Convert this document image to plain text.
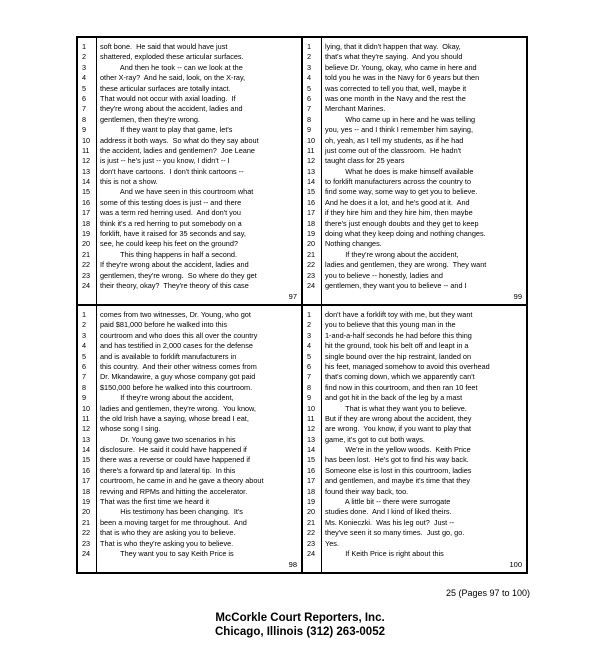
1	soft bone.  He said that would have just
2	shattered, exploded these articular surfaces.
3	And then he took -- can we look at the
4	other X-ray?  And he said, look, on the X-ray,
5	these articular surfaces are totally intact.
6	That would not occur with axial loading.  If
7	they're wrong about the accident, ladies and
8	gentlemen, then they're wrong.
9	If they want to play that game, let's
10	address it both ways.  So what do they say about
11	the accident, ladies and gentlemen?  Joe Leane
12	is just -- he's just -- you know, I didn't -- I
13	don't have cartoons.  I don't think cartoons --
14	this is not a show.
15	And we have seen in this courtroom what
16	some of this testing does is just -- and there
17	was a term red herring used.  And don't you
18	think it's a red herring to put somebody on a
19	forklift, have it raised for 35 seconds and say,
20	see, he could keep his feet on the ground?
21	This thing happens in half a second.
22	If they're wrong about the accident, ladies and
23	gentlemen, they're wrong.  So where do they get
24	their theory, okay?  They're theory of this case
97
1	lying, that it didn't happen that way.  Okay,
2	that's what they're saying.  And you should
3	believe Dr. Young, okay, who came in here and
4	told you he was in the Navy for 6 years but then
5	was corrected to tell you that, well, maybe it
6	was one month in the Navy and the rest the
7	Merchant Marines.
8	Who came up in here and he was telling
9	you, yes -- and I think I remember him saying,
10	oh, yeah, as I tell my students, as if he had
11	just come out of the classroom.  He hadn't
12	taught class for 25 years
13	What he does is make himself available
14	to forklift manufacturers across the country to
15	find some way, some way to get you to believe.
16	And he does it a lot, and he's good at it.  And
17	if they hire him and they hire him, then maybe
18	there's just enough doubts and they get to keep
19	doing what they keep doing and nothing changes.
20	Nothing changes.
21	If they're wrong about the accident,
22	ladies and gentlemen, they are wrong.  They want
23	you to believe -- honestly, ladies and
24	gentlemen, they want you to believe -- and I
99
1	comes from two witnesses, Dr. Young, who got
2	paid $81,000 before he walked into this
3	courtroom and who does this all over the country
4	and has testified in 2,000 cases for the defense
5	and is available to forklift manufacturers in
6	this country.  And their other witness comes from
7	Dr. Mkandawire, a guy whose company got paid
8	$150,000 before he walked into this courtroom.
9	If they're wrong about the accident,
10	ladies and gentlemen, they're wrong.  You know,
11	the old Irish have a saying, whose bread I eat,
12	whose song I sing.
13	Dr. Young gave two scenarios in his
14	disclosure.  He said it could have happened if
15	there was a reverse or could have happened if
16	there's a forward tip and lateral tip.  In this
17	courtroom, he came in and he gave a theory about
18	revving and RPMs and hitting the accelerator.
19	That was the first time we heard it
20	His testimony has been changing.  It's
21	been a moving target for me throughout.  And
22	that is who they are asking you to believe.
23	That is who they're asking you to believe.
24	They want you to say Keith Price is
98
1	don't have a forklift toy with me, but they want
2	you to believe that this young man in the
3	1-and-a-half seconds he had before this thing
4	hit the ground, took his belt off and leapt in a
5	single bound over the hip restraint, landed on
6	his feet, managed somehow to avoid this overhead
7	that's coming down, which we apparently can't
8	find now in this courtroom, and then ran 10 feet
9	and got hit in the back of the leg by a mast
10	That is what they want you to believe.
11	But if they are wrong about the accident, they
12	are wrong.  You know, if you want to play that
13	game, it's got to cut both ways.
14	We're in the yellow woods.  Keith Price
15	has been lost.  He's got to find his way back.
16	Someone else is lost in this courtroom, ladies
17	and gentlemen, and maybe it's time that they
18	found their way back, too.
19	A little bit -- there were surrogate
20	studies done.  And I kind of liked theirs.
21	Ms. Konieczki.  Was his leg out?  Just --
22	they've seen it so many times.  Just go, go.
23	Yes.
24	If Keith Price is right about this
100
25 (Pages 97 to 100)
McCorkle Court Reporters, Inc.
Chicago, Illinois (312) 263-0052
